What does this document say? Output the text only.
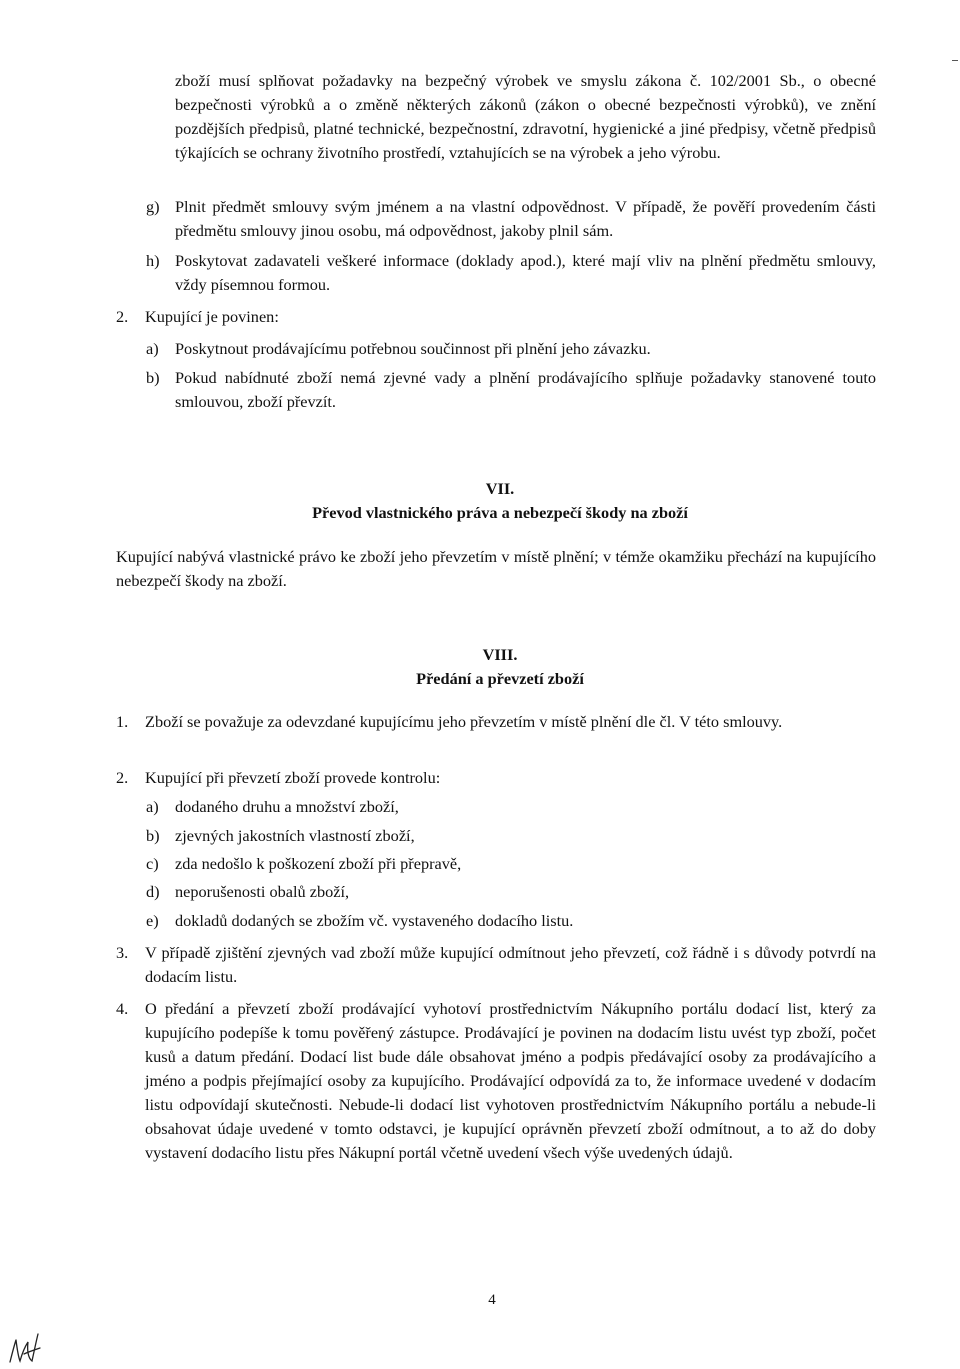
zboží musí splňovat požadavky na bezpečný výrobek ve smyslu zákona č. 102/2001 Sb., o obecné bezpečnosti výrobků a o změně některých zákonů (zákon o obecné bezpečnosti výrobků), ve znění pozdějších předpisů, platné technické, bezpečnostní, zdravotní, hygienické a jiné předpisy, včetně předpisů týkajících se ochrany životního prostředí, vztahujících se na výrobek a jeho výrobu.

g) Plnit předmět smlouvy svým jménem a na vlastní odpovědnost. V případě, že pověří provedením části předmětu smlouvy jinou osobu, má odpovědnost, jakoby plnil sám.
h) Poskytovat zadavateli veškeré informace (doklady apod.), které mají vliv na plnění předmětu smlouvy, vždy písemnou formou.
2. Kupující je povinen:
a) Poskytnout prodávajícímu potřebnou součinnost při plnění jeho závazku.
b) Pokud nabídnuté zboží nemá zjevné vady a plnění prodávajícího splňuje požadavky stanovené touto smlouvou, zboží převzít.
VII.
Převod vlastnického práva a nebezpečí škody na zboží

Kupující nabývá vlastnické právo ke zboží jeho převzetím v místě plnění; v témže okamžiku přechází na kupujícího nebezpečí škody na zboží.

VIII.
Předání a převzetí zboží
1. Zboží se považuje za odevzdané kupujícímu jeho převzetím v místě plnění dle čl. V této smlouvy.
2. Kupující při převzetí zboží provede kontrolu:
a) dodaného druhu a množství zboží,
b) zjevných jakostních vlastností zboží,
c) zda nedošlo k poškození zboží při přepravě,
d) neporušenosti obalů zboží,
e) dokladů dodaných se zbožím vč. vystaveného dodacího listu.
3. V případě zjištění zjevných vad zboží může kupující odmítnout jeho převzetí, což řádně i s důvody potvrdí na dodacím listu.
4. O předání a převzetí zboží prodávající vyhotoví prostřednictvím Nákupního portálu dodací list, který za kupujícího podepíše k tomu pověřený zástupce. Prodávající je povinen na dodacím listu uvést typ zboží, počet kusů a datum předání. Dodací list bude dále obsahovat jméno a podpis předávající osoby za prodávajícího a jméno a podpis přejímající osoby za kupujícího. Prodávající odpovídá za to, že informace uvedené v dodacím listu odpovídají skutečnosti. Nebude-li dodací list vyhotoven prostřednictvím Nákupního portálu a nebude-li obsahovat údaje uvedené v tomto odstavci, je kupující oprávněn převzetí zboží odmítnout, a to až do doby vystavení dodacího listu přes Nákupní portál včetně uvedení všech výše uvedených údajů.
4
